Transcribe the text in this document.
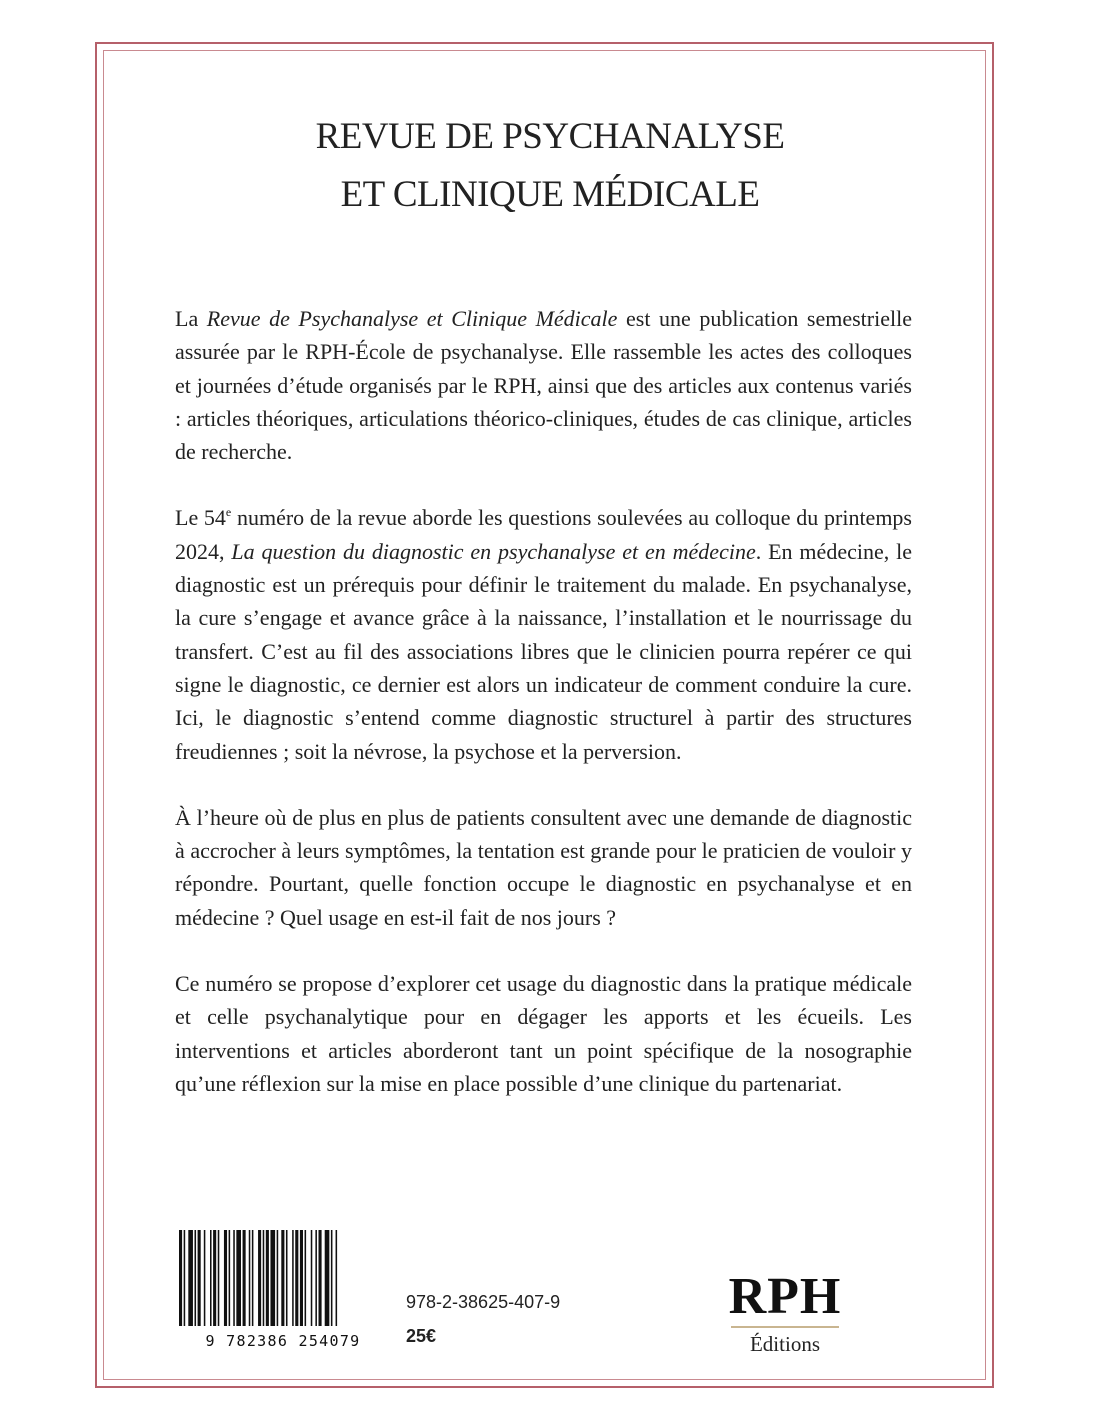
REVUE DE PSYCHANALYSE
ET CLINIQUE MÉDICALE

La Revue de Psychanalyse et Clinique Médicale est une publication semestrielle assurée par le RPH-École de psychanalyse. Elle rassemble les actes des colloques et journées d’étude organisés par le RPH, ainsi que des articles aux contenus variés : articles théoriques, articulations théorico-cliniques, études de cas clinique, articles de recherche.

Le 54e numéro de la revue aborde les questions soulevées au colloque du printemps 2024, La question du diagnostic en psychanalyse et en médecine. En médecine, le diagnostic est un prérequis pour définir le traitement du malade. En psychanalyse, la cure s’engage et avance grâce à la naissance, l’installation et le nourrissage du transfert. C’est au fil des associations libres que le clinicien pourra repérer ce qui signe le diagnostic, ce dernier est alors un indicateur de comment conduire la cure. Ici, le diagnostic s’entend comme diagnostic structurel à partir des structures freudiennes ; soit la névrose, la psychose et la perversion.

À l’heure où de plus en plus de patients consultent avec une demande de diagnostic à accrocher à leurs symptômes, la tentation est grande pour le praticien de vouloir y répondre. Pourtant, quelle fonction occupe le diagnostic en psychanalyse et en médecine ? Quel usage en est-il fait de nos jours ?

Ce numéro se propose d’explorer cet usage du diagnostic dans la pratique médicale et celle psychanalytique pour en dégager les apports et les écueils. Les interventions et articles aborderont tant un point spécifique de la nosographie qu’une réflexion sur la mise en place possible d’une clinique du partenariat.

9 782386 254079
978-2-38625-407-9
25€
RPH
Éditions
